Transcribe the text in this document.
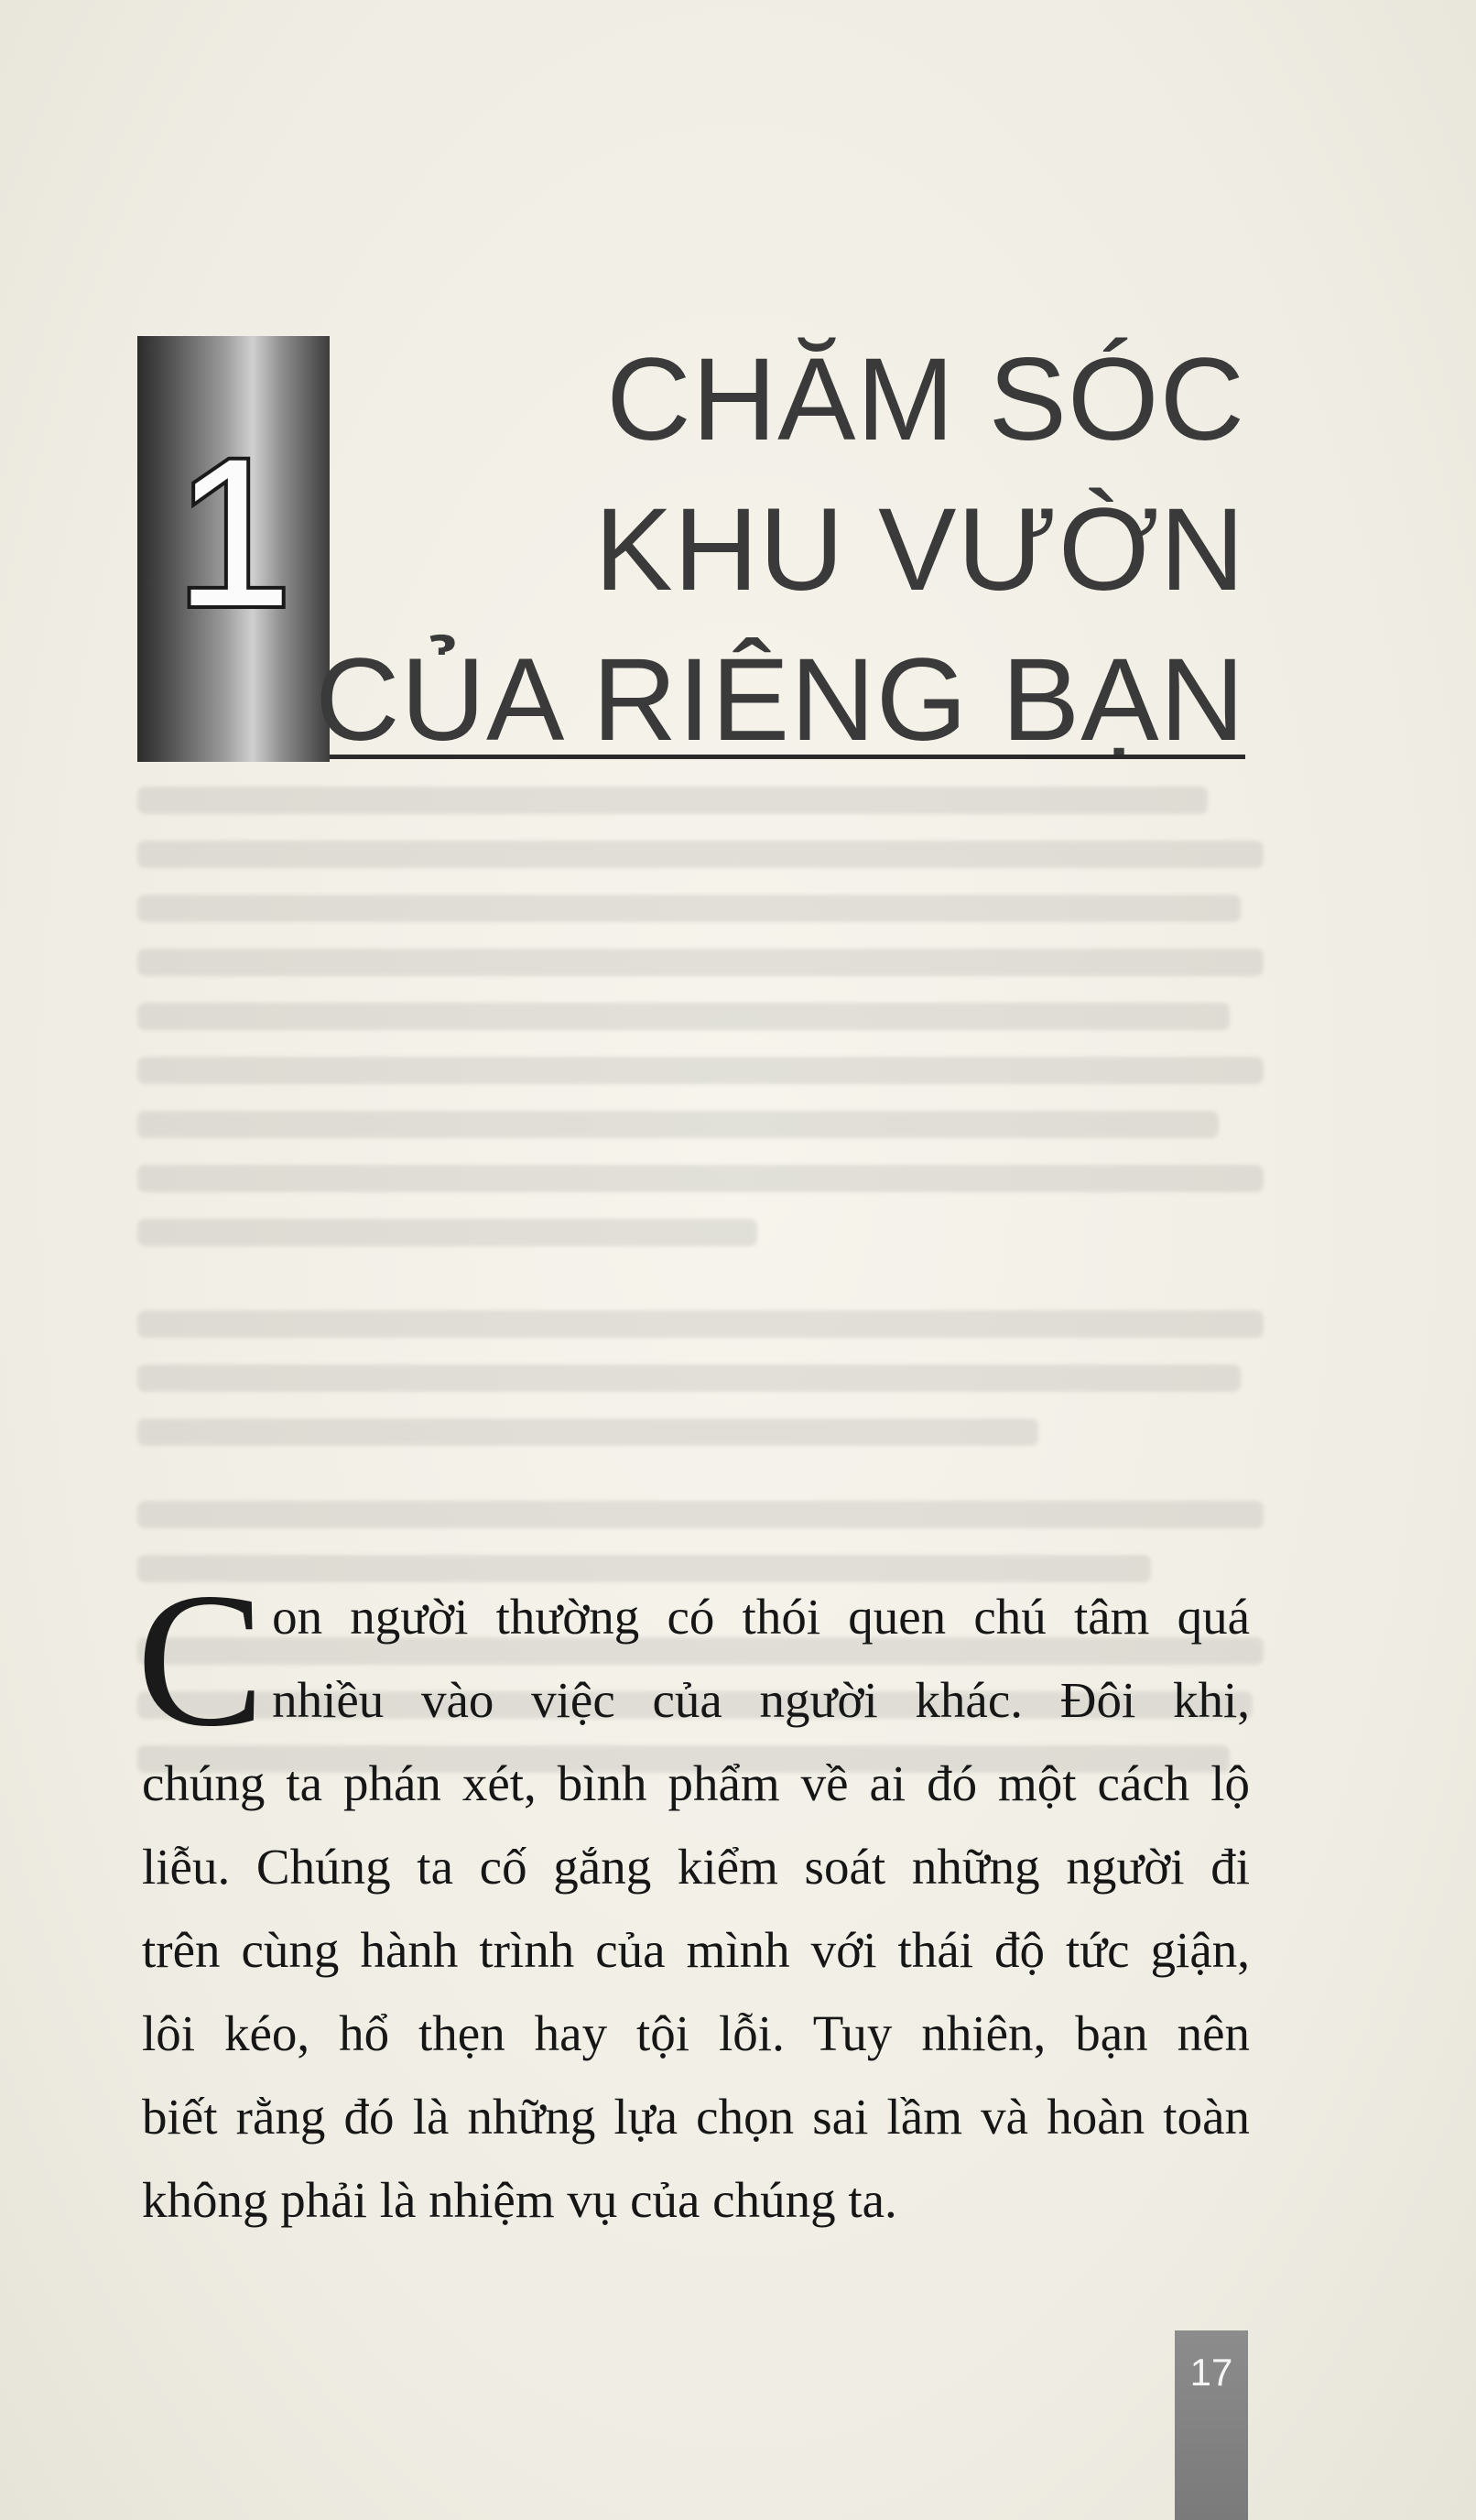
1
CHĂM SÓC
KHU VƯỜN
CỦA RIÊNG BẠN
C on người thường có thói quen chú tâm quá
nhiều vào việc của người khác. Đôi khi,
chúng ta phán xét, bình phẩm về ai đó một cách lộ
liễu. Chúng ta cố gắng kiểm soát những người đi
trên cùng hành trình của mình với thái độ tức giận,
lôi kéo, hổ thẹn hay tội lỗi. Tuy nhiên, bạn nên
biết rằng đó là những lựa chọn sai lầm và hoàn toàn
không phải là nhiệm vụ của chúng ta.
17
